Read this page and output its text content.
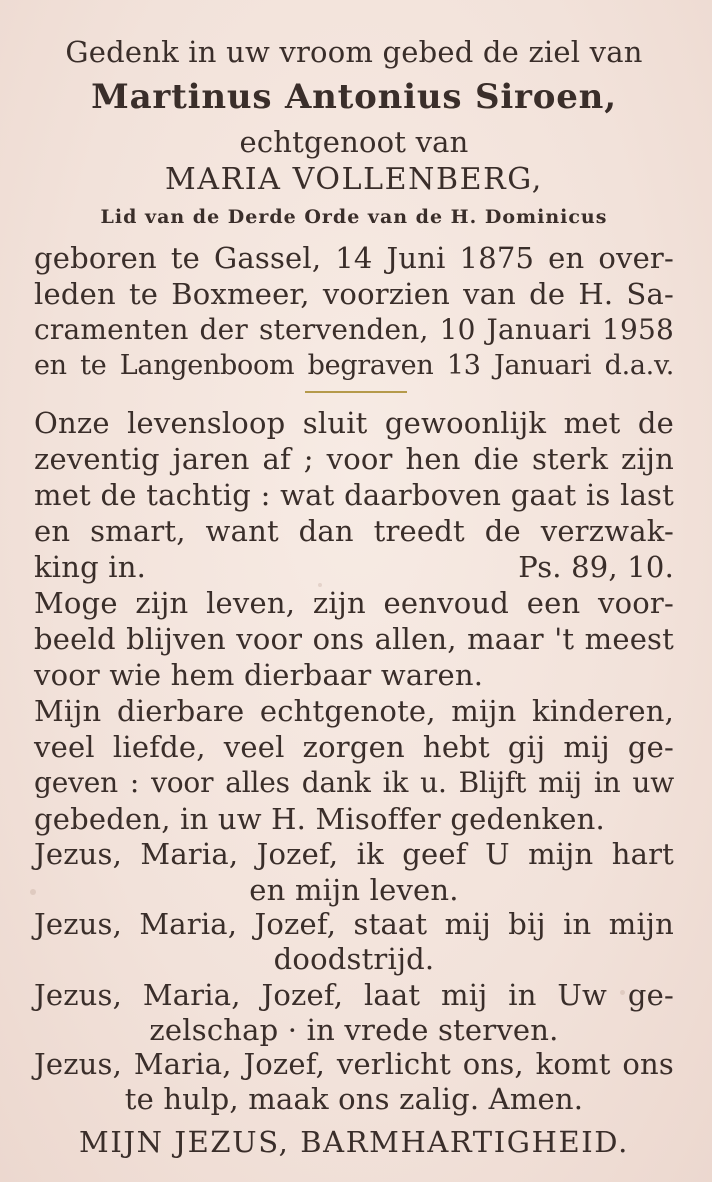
Gedenk in uw vroom gebed de ziel van
Martinus Antonius Siroen,
echtgenoot van
MARIA VOLLENBERG,
Lid van de Derde Orde van de H. Dominicus
geboren te Gassel, 14 Juni 1875 en over-
leden te Boxmeer, voorzien van de H. Sa-
cramenten der stervenden, 10 Januari 1958
en te Langenboom begraven 13 Januari d.a.v.
Onze levensloop sluit gewoonlijk met de
zeventig jaren af ; voor hen die sterk zijn
met de tachtig : wat daarboven gaat is last
en smart, want dan treedt de verzwak-
king in.	Ps. 89, 10.
Moge zijn leven, zijn eenvoud een voor-
beeld blijven voor ons allen, maar 't meest
voor wie hem dierbaar waren.
Mijn dierbare echtgenote, mijn kinderen,
veel liefde, veel zorgen hebt gij mij ge-
geven : voor alles dank ik u. Blijft mij in uw
gebeden, in uw H. Misoffer gedenken.
Jezus, Maria, Jozef, ik geef U mijn hart
en mijn leven.
Jezus, Maria, Jozef, staat mij bij in mijn
doodstrijd.
Jezus, Maria, Jozef, laat mij in Uw ge-
zelschap · in vrede sterven.
Jezus, Maria, Jozef, verlicht ons, komt ons
te hulp, maak ons zalig. Amen.
MIJN JEZUS, BARMHARTIGHEID.
